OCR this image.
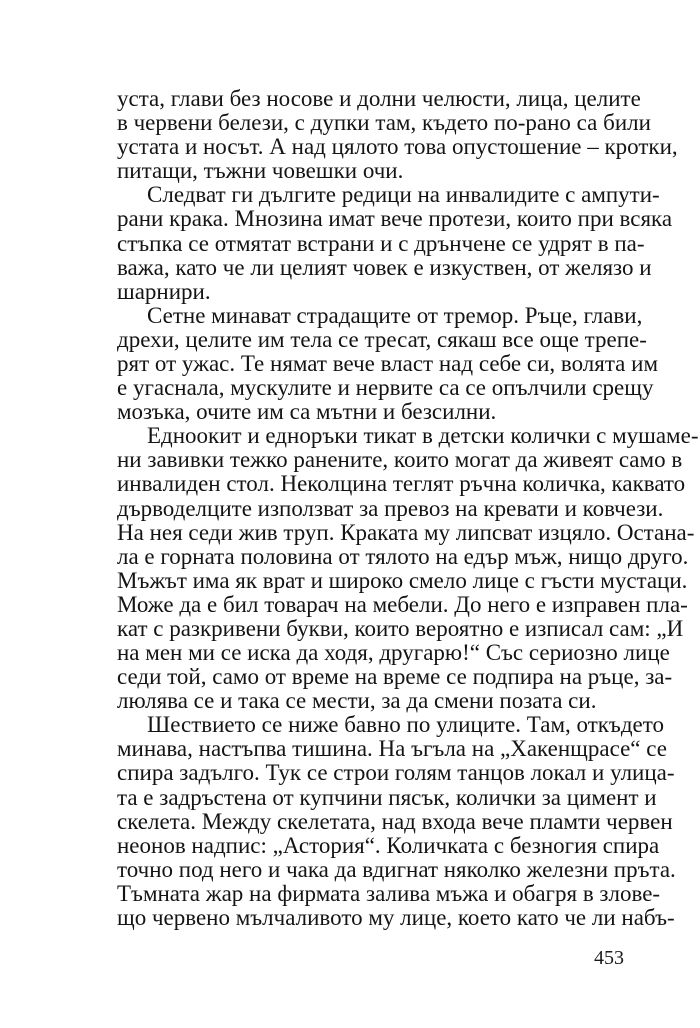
уста, глави без носове и долни челюсти, лица, целите
в червени белези, с дупки там, където по-рано са били
устата и носът. А над цялото това опустошение – кротки,
питащи, тъжни човешки очи.
Следват ги дългите редици на инвалидите с ампути-
рани крака. Мнозина имат вече протези, които при всяка
стъпка се отмятат встрани и с дрънчене се удрят в па-
важа, като че ли целият човек е изкуствен, от желязо и
шарнири.
Сетне минават страдащите от тремор. Ръце, глави,
дрехи, целите им тела се тресат, сякаш все още трепе-
рят от ужас. Те нямат вече власт над себе си, волята им
е угаснала, мускулите и нервите са се опълчили срещу
мозъка, очите им са мътни и безсилни.
Едноокит и едноръки тикат в детски колички с мушаме-
ни завивки тежко ранените, които могат да живеят само в
инвалиден стол. Неколцина теглят ръчна количка, каквато
дърводелците използват за превоз на кревати и ковчези.
На нея седи жив труп. Краката му липсват изцяло. Остана-
ла е горната половина от тялото на едър мъж, нищо друго.
Мъжът има як врат и широко смело лице с гъсти мустаци.
Може да е бил товарач на мебели. До него е изправен пла-
кат с разкривени букви, които вероятно е изписал сам: „И
на мен ми се иска да ходя, другарю!“ Със сериозно лице
седи той, само от време на време се подпира на ръце, за-
люлява се и така се мести, за да смени позата си.
Шествието се ниже бавно по улиците. Там, откъдето
минава, настъпва тишина. На ъгъла на „Хакенщрасе“ се
спира задълго. Тук се строи голям танцов локал и улица-
та е задръстена от купчини пясък, колички за цимент и
скелета. Между скелетата, над входа вече пламти червен
неонов надпис: „Астория“. Количката с безногия спира
точно под него и чака да вдигнат няколко железни пръта.
Тъмната жар на фирмата залива мъжа и обагря в злове-
що червено мълчаливото му лице, което като че ли набъ-
453
